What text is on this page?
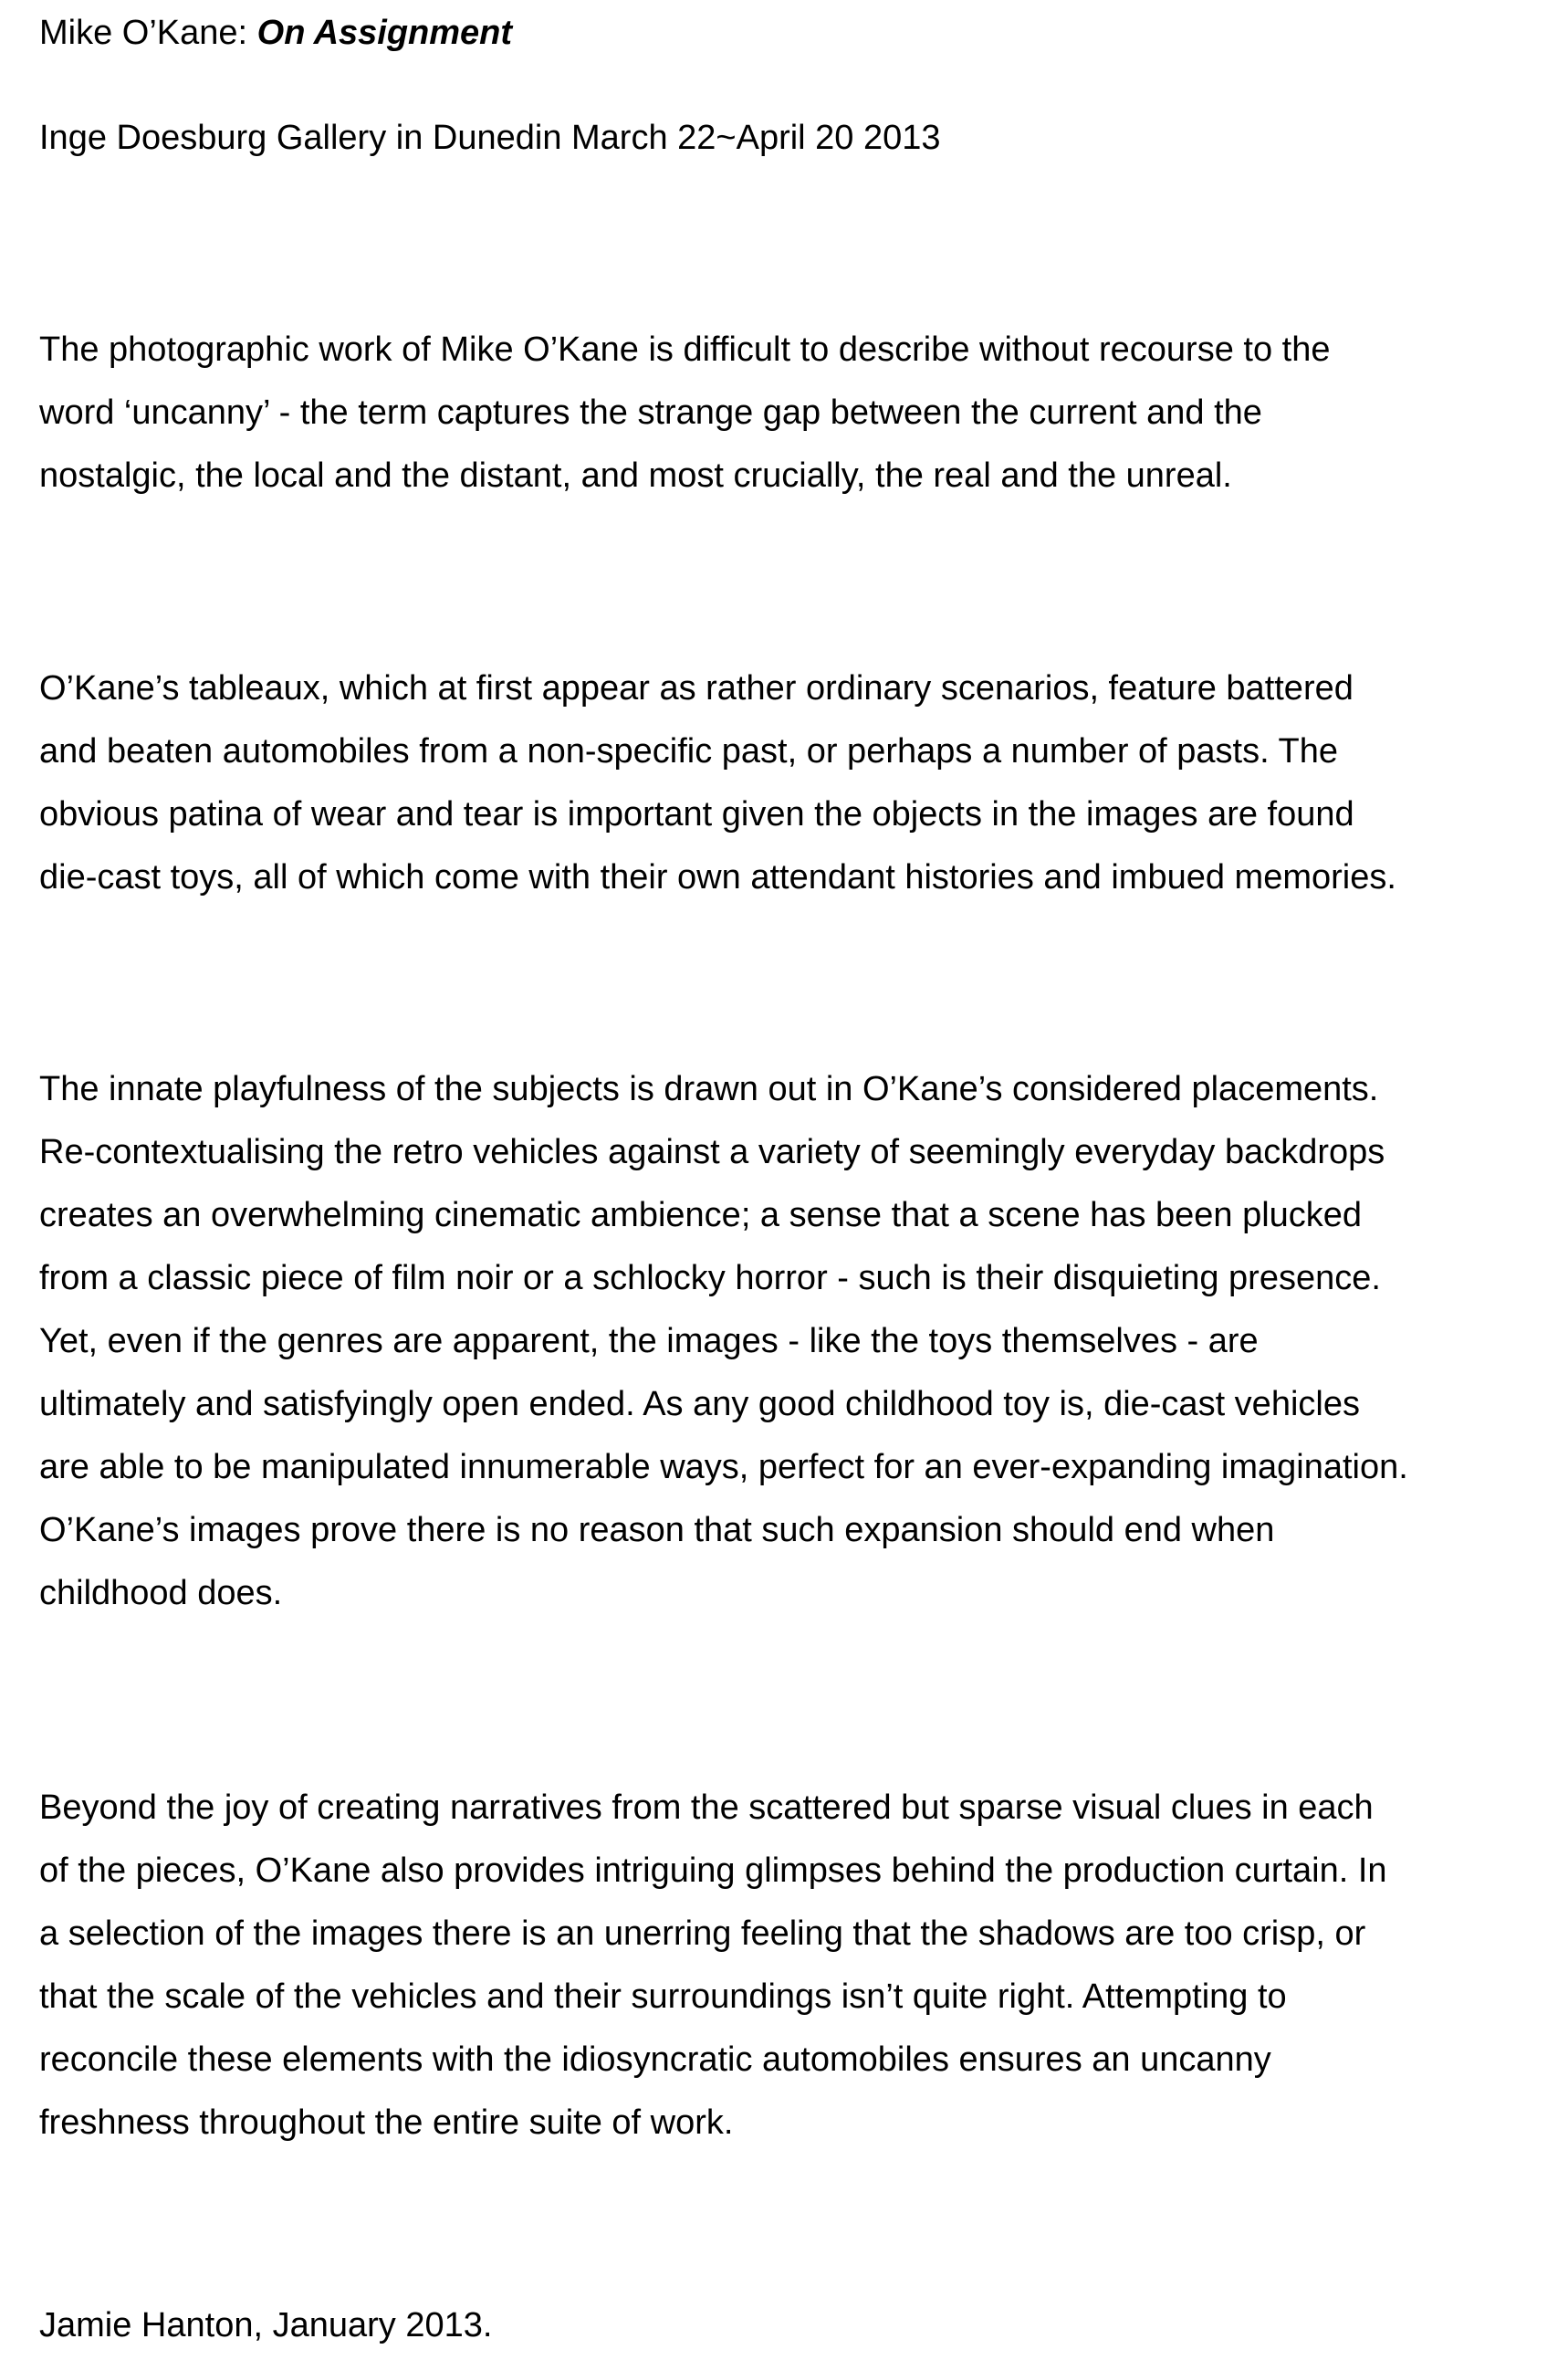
Mike O’Kane: On Assignment
Inge Doesburg Gallery in Dunedin March 22~April 20 2013
The photographic work of Mike O’Kane is difficult to describe without recourse to the
word ‘uncanny’ - the term captures the strange gap between the current and the
nostalgic, the local and the distant, and most crucially, the real and the unreal.
O’Kane’s tableaux, which at first appear as rather ordinary scenarios, feature battered
and beaten automobiles from a non-specific past, or perhaps a number of pasts. The
obvious patina of wear and tear is important given the objects in the images are found
die-cast toys, all of which come with their own attendant histories and imbued memories.
The innate playfulness of the subjects is drawn out in O’Kane’s considered placements.
Re-contextualising the retro vehicles against a variety of seemingly everyday backdrops
creates an overwhelming cinematic ambience; a sense that a scene has been plucked
from a classic piece of film noir or a schlocky horror - such is their disquieting presence.
Yet, even if the genres are apparent, the images - like the toys themselves - are
ultimately and satisfyingly open ended. As any good childhood toy is, die-cast vehicles
are able to be manipulated innumerable ways, perfect for an ever-expanding imagination.
O’Kane’s images prove there is no reason that such expansion should end when
childhood does.
Beyond the joy of creating narratives from the scattered but sparse visual clues in each
of the pieces, O’Kane also provides intriguing glimpses behind the production curtain. In
a selection of the images there is an unerring feeling that the shadows are too crisp, or
that the scale of the vehicles and their surroundings isn’t quite right. Attempting to
reconcile these elements with the idiosyncratic automobiles ensures an uncanny
freshness throughout the entire suite of work.
Jamie Hanton, January 2013.
